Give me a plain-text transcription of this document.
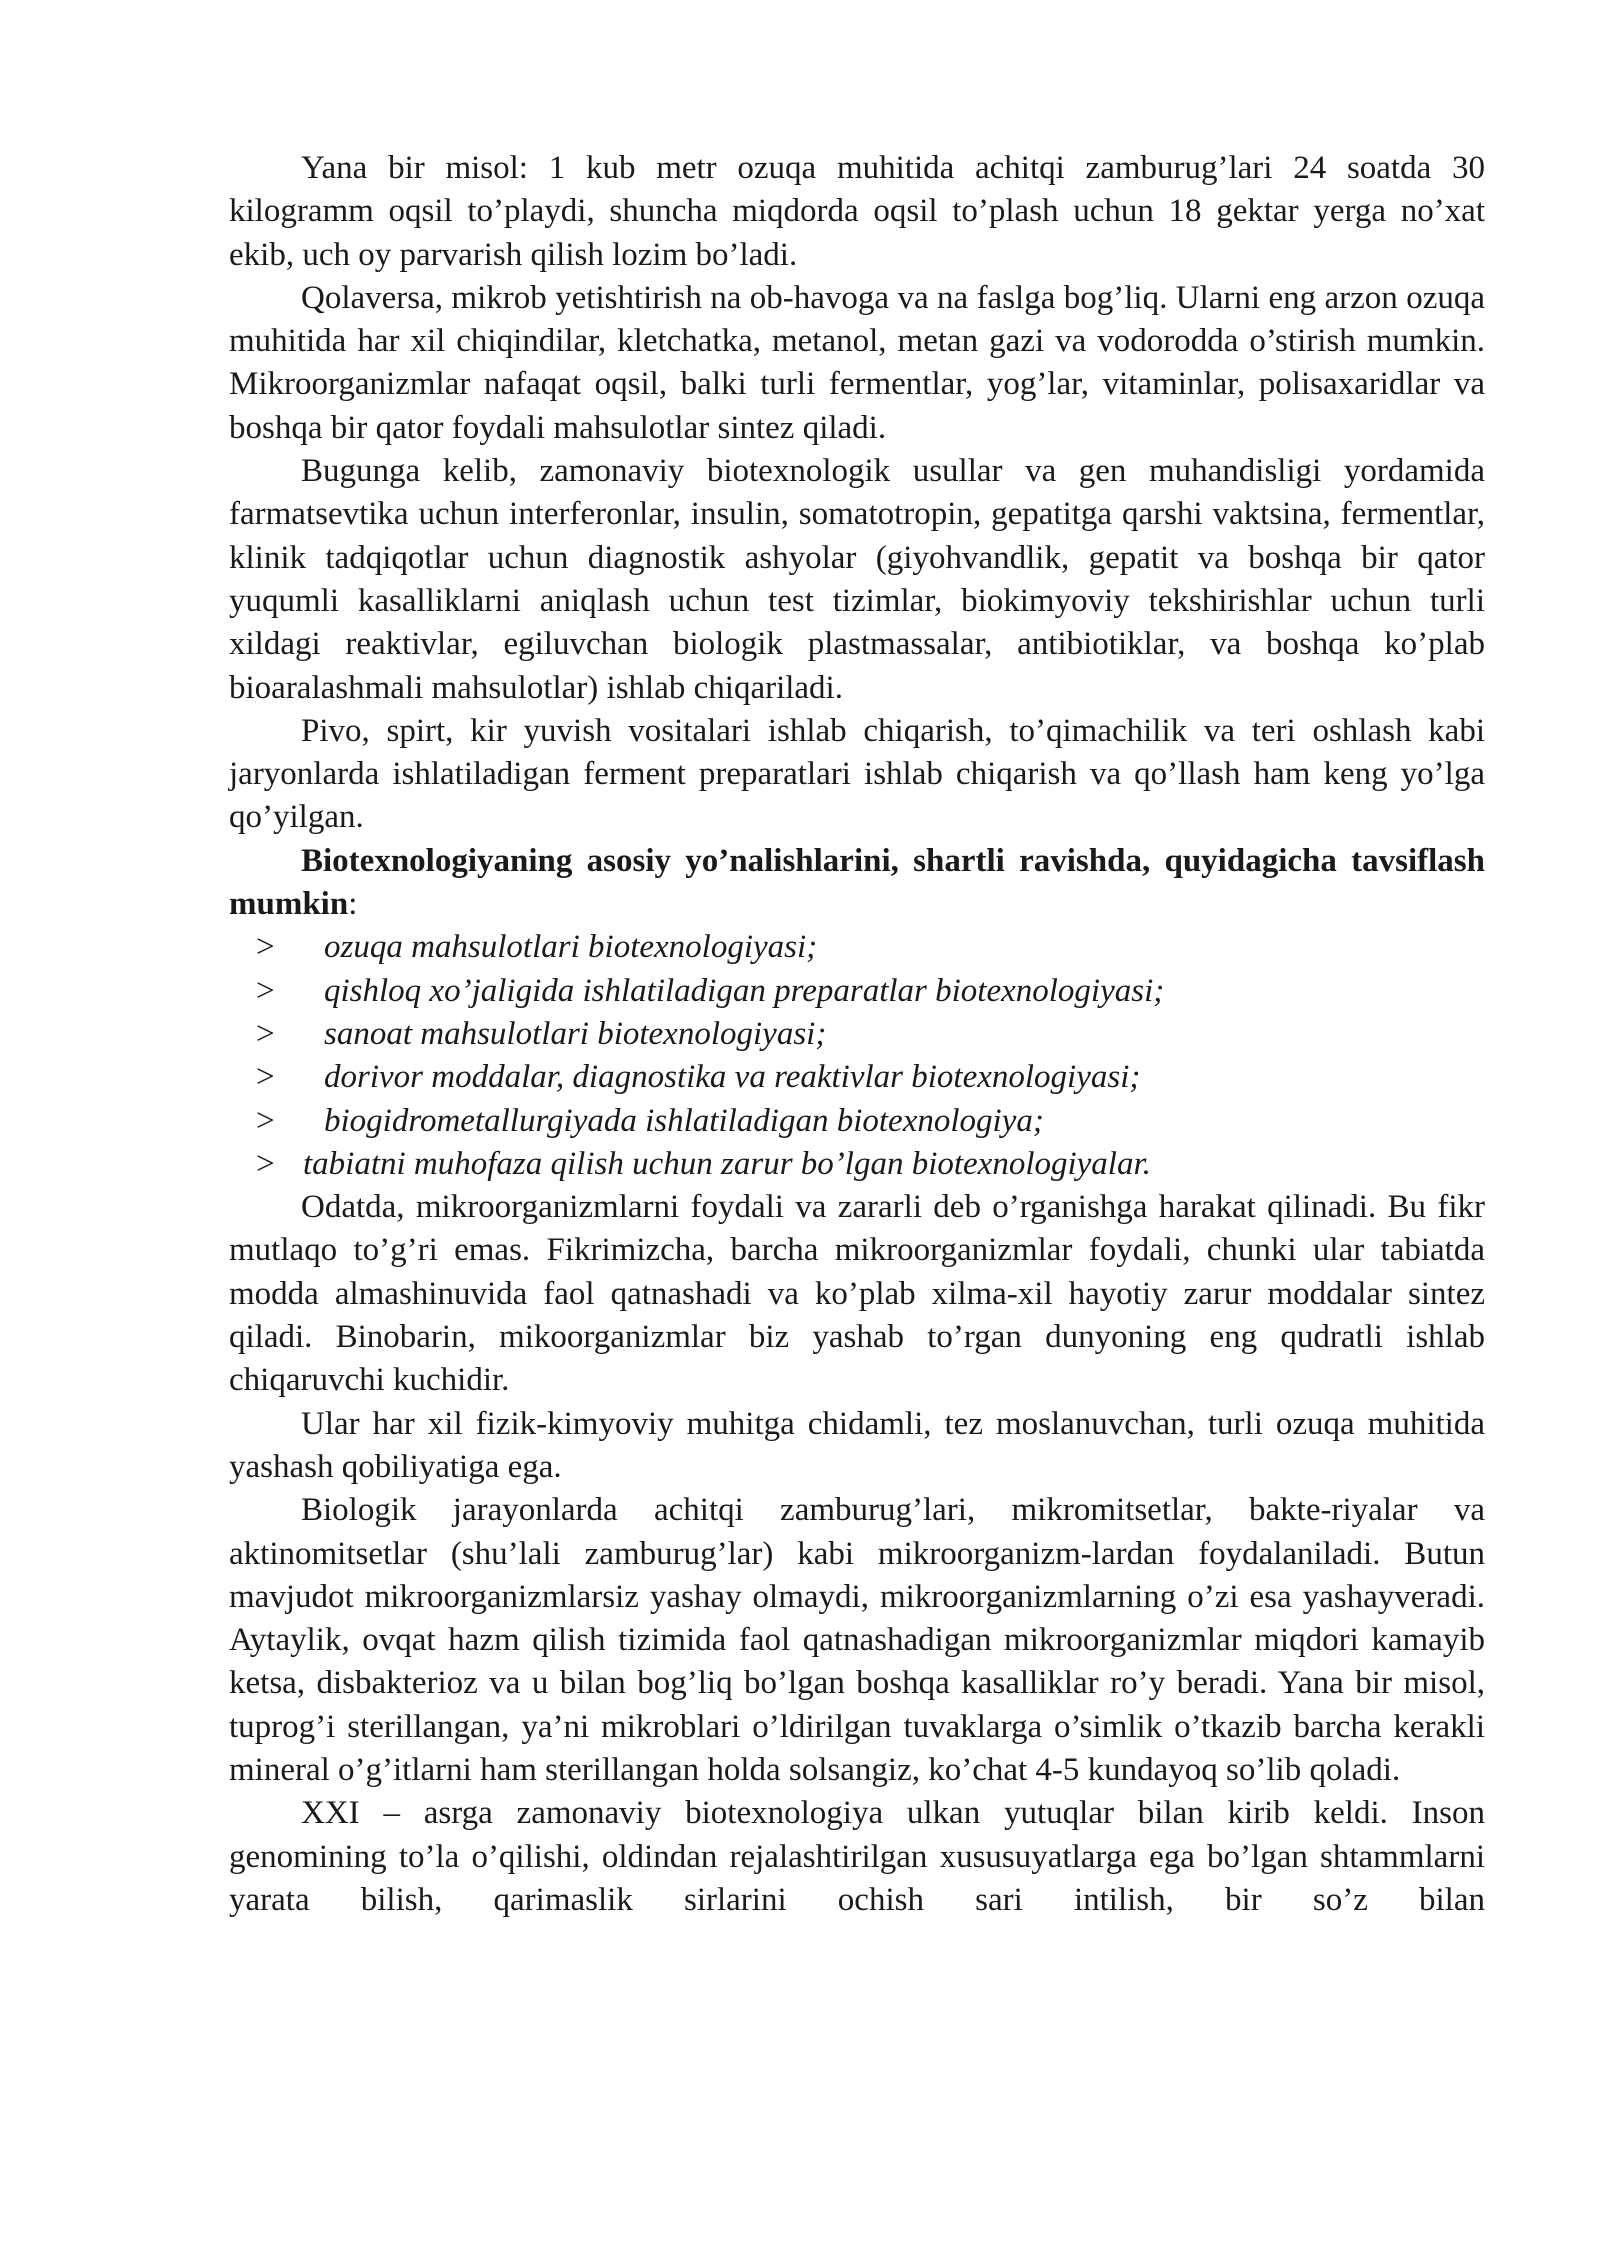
Yana bir misol: 1 kub metr ozuqa muhitida achitqi zamburug’lari 24 soatda 30 kilogramm oqsil to’playdi, shuncha miqdorda oqsil to’plash uchun 18 gektar yerga no’xat ekib, uch oy parvarish qilish lozim bo’ladi.

Qolaversa, mikrob yetishtirish na ob-havoga va na faslga bog’liq. Ularni eng arzon ozuqa muhitida har xil chiqindilar, kletchatka, metanol, metan gazi va vodorodda o’stirish mumkin. Mikroorganizmlar nafaqat oqsil, balki turli fermentlar, yog’lar, vitaminlar, polisaxaridlar va boshqa bir qator foydali mahsulotlar sintez qiladi.

Bugunga kelib, zamonaviy biotexnologik usullar va gen muhandisligi yordamida farmatsevtika uchun interferonlar, insulin, somatotropin, gepatitga qarshi vaktsina, fermentlar, klinik tadqiqotlar uchun diagnostik ashyolar (giyohvandlik, gepatit va boshqa bir qator yuqumli kasalliklarni aniqlash uchun test tizimlar, biokimyoviy tekshirishlar uchun turli xildagi reaktivlar, egiluvchan biologik plastmassalar, antibiotiklar, va boshqa ko’plab bioaralashmali mahsulotlar) ishlab chiqariladi.

Pivo, spirt, kir yuvish vositalari ishlab chiqarish, to’qimachilik va teri oshlash kabi jaryonlarda ishlatiladigan ferment preparatlari ishlab chiqarish va qo’llash ham keng yo’lga qo’yilgan.

Biotexnologiyaning asosiy yo’nalishlarini, shartli ravishda, quyidagicha tavsiflash mumkin:

> ozuqa mahsulotlari biotexnologiyasi;
> qishloq xo’jaligida ishlatiladigan preparatlar biotexnologiyasi;
> sanoat mahsulotlari biotexnologiyasi;
> dorivor moddalar, diagnostika va reaktivlar biotexnologiyasi;
> biogidrometallurgiyada ishlatiladigan biotexnologiya;
> tabiatni muhofaza qilish uchun zarur bo’lgan biotexnologiyalar.

Odatda, mikroorganizmlarni foydali va zararli deb o’rganishga harakat qilinadi. Bu fikr mutlaqo to’g’ri emas. Fikrimizcha, barcha mikroorganizmlar foydali, chunki ular tabiatda modda almashinuvida faol qatnashadi va ko’plab xilma-xil hayotiy zarur moddalar sintez qiladi. Binobarin, mikoorganizmlar biz yashab to’rgan dunyoning eng qudratli ishlab chiqaruvchi kuchidir.

Ular har xil fizik-kimyoviy muhitga chidamli, tez moslanuvchan, turli ozuqa muhitida yashash qobiliyatiga ega.

Biologik jarayonlarda achitqi zamburug’lari, mikromitsetlar, bakte-riyalar va aktinomitsetlar (shu’lali zamburug’lar) kabi mikroorganizm-lardan foydalaniladi. Butun mavjudot mikroorganizmlarsiz yashay olmaydi, mikroorganizmlarning o’zi esa yashayveradi. Aytaylik, ovqat hazm qilish tizimida faol qatnashadigan mikroorganizmlar miqdori kamayib ketsa, disbakterioz va u bilan bog’liq bo’lgan boshqa kasalliklar ro’y beradi. Yana bir misol, tuprog’i sterillangan, ya’ni mikroblari o’ldirilgan tuvaklarga o’simlik o’tkazib barcha kerakli mineral o’g’itlarni ham sterillangan holda solsangiz, ko’chat 4-5 kundayoq so’lib qoladi.

XXI – asrga zamonaviy biotexnologiya ulkan yutuqlar bilan kirib keldi. Inson genomining to’la o’qilishi, oldindan rejalashtirilgan xususuyatlarga ega bo’lgan shtammlarni yarata bilish, qarimaslik sirlarini ochish sari intilish, bir so’z bilan
